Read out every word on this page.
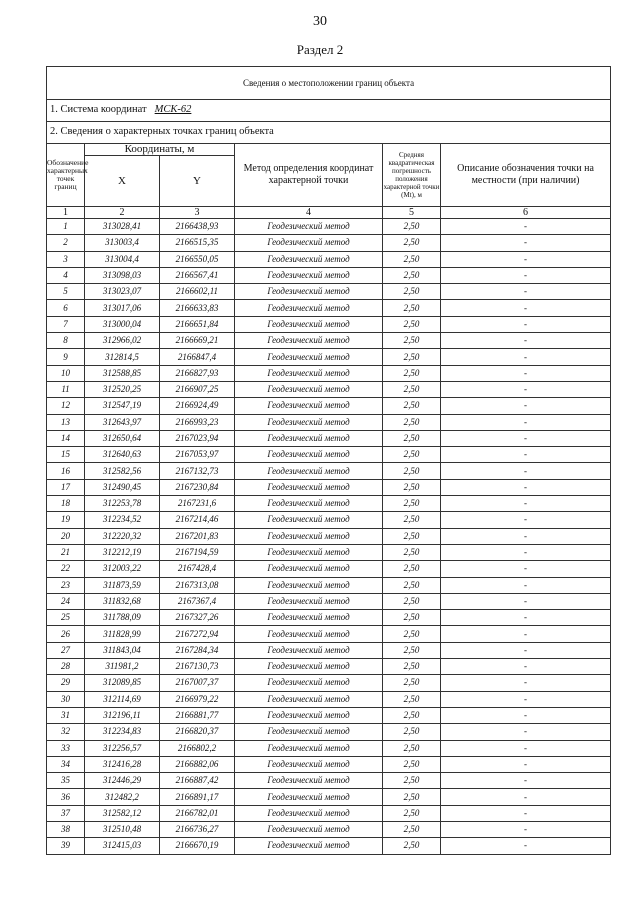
30
Раздел 2
Сведения о местоположении границ объекта					
1. Система координат МСК-62					
2. Сведения о характерных точках границ объекта					
Обозначение характерных точек границ	Координаты, м		Метод определения координат характерной точки	Средняя квадратическая погрешность положения характерной точки (Mt), м	Описание обозначения точки на местности (при наличии)
	X	Y			
1	2	3	4	5	6
1	313028,41	2166438,93	Геодезический метод	2,50	-
2	313003,4	2166515,35	Геодезический метод	2,50	-
3	313004,4	2166550,05	Геодезический метод	2,50	-
4	313098,03	2166567,41	Геодезический метод	2,50	-
5	313023,07	2166602,11	Геодезический метод	2,50	-
6	313017,06	2166633,83	Геодезический метод	2,50	-
7	313000,04	2166651,84	Геодезический метод	2,50	-
8	312966,02	2166669,21	Геодезический метод	2,50	-
9	312814,5	2166847,4	Геодезический метод	2,50	-
10	312588,85	2166827,93	Геодезический метод	2,50	-
11	312520,25	2166907,25	Геодезический метод	2,50	-
12	312547,19	2166924,49	Геодезический метод	2,50	-
13	312643,97	2166993,23	Геодезический метод	2,50	-
14	312650,64	2167023,94	Геодезический метод	2,50	-
15	312640,63	2167053,97	Геодезический метод	2,50	-
16	312582,56	2167132,73	Геодезический метод	2,50	-
17	312490,45	2167230,84	Геодезический метод	2,50	-
18	312253,78	2167231,6	Геодезический метод	2,50	-
19	312234,52	2167214,46	Геодезический метод	2,50	-
20	312220,32	2167201,83	Геодезический метод	2,50	-
21	312212,19	2167194,59	Геодезический метод	2,50	-
22	312003,22	2167428,4	Геодезический метод	2,50	-
23	311873,59	2167313,08	Геодезический метод	2,50	-
24	311832,68	2167367,4	Геодезический метод	2,50	-
25	311788,09	2167327,26	Геодезический метод	2,50	-
26	311828,99	2167272,94	Геодезический метод	2,50	-
27	311843,04	2167284,34	Геодезический метод	2,50	-
28	311981,2	2167130,73	Геодезический метод	2,50	-
29	312089,85	2167007,37	Геодезический метод	2,50	-
30	312114,69	2166979,22	Геодезический метод	2,50	-
31	312196,11	2166881,77	Геодезический метод	2,50	-
32	312234,83	2166820,37	Геодезический метод	2,50	-
33	312256,57	2166802,2	Геодезический метод	2,50	-
34	312416,28	2166882,06	Геодезический метод	2,50	-
35	312446,29	2166887,42	Геодезический метод	2,50	-
36	312482,2	2166891,17	Геодезический метод	2,50	-
37	312582,12	2166782,01	Геодезический метод	2,50	-
38	312510,48	2166736,27	Геодезический метод	2,50	-
39	312415,03	2166670,19	Геодезический метод	2,50	-
